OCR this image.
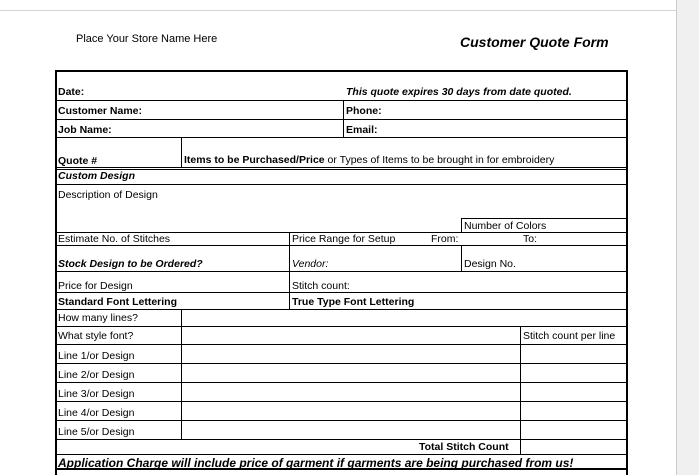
Place Your Store Name Here	Customer Quote Form
Date:	This quote expires 30 days from date quoted.
Customer Name:	Phone:
Job Name:	Email:
Quote #	Items to be Purchased/Price or Types of Items to be brought in for embroidery
Custom Design
Description of Design
Number of Colors
Estimate No. of Stitches	Price Range for Setup	From:	To:
Stock Design to be Ordered?	Vendor:	Design No.
Price for Design	Stitch count:
Standard Font Lettering	True Type Font Lettering
How many lines?
What style font?	Stitch count per line
Line 1/or Design
Line 2/or Design
Line 3/or Design
Line 4/or Design
Line 5/or Design
Total Stitch Count
Application Charge will include price of garment if garments are being purchased from us!
